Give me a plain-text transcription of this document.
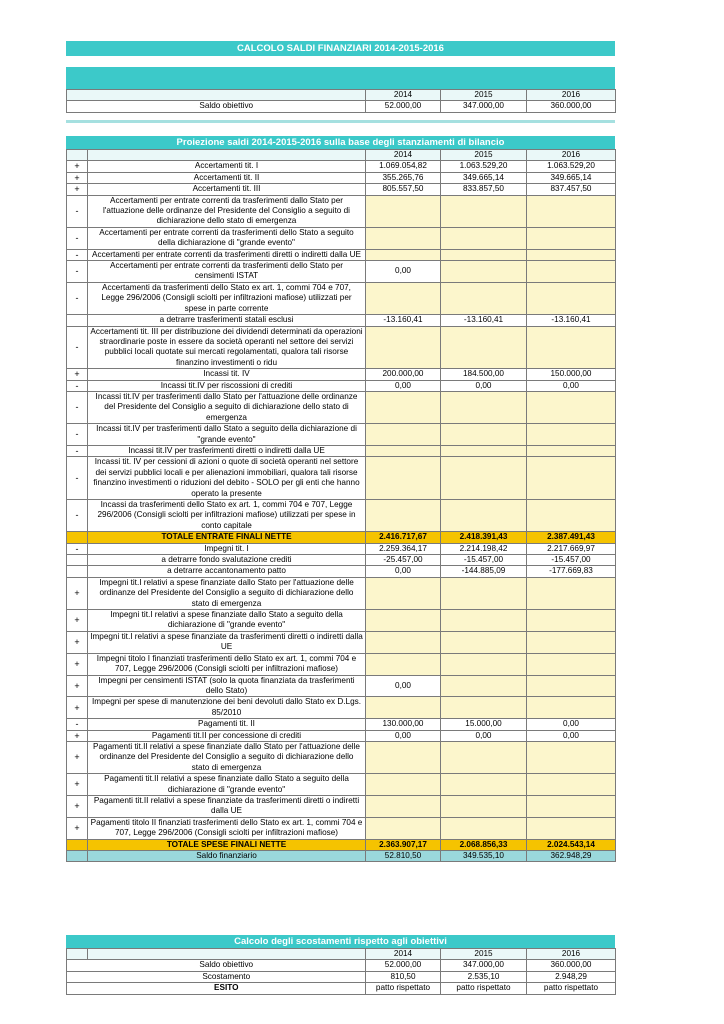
CALCOLO SALDI FINANZIARI 2014-2015-2016
		2014	2015	2016
	Saldo obiettivo	52.000,00	347.000,00	360.000,00
Proiezione saldi 2014-2015-2016 sulla base degli stanziamenti di bilancio
		2014	2015	2016
+	Accertamenti tit. I	1.069.054,82	1.063.529,20	1.063.529,20
+	Accertamenti tit. II	355.265,76	349.665,14	349.665,14
+	Accertamenti tit. III	805.557,50	833.857,50	837.457,50
-	Accertamenti per entrate correnti da trasferimenti dallo Stato per l'attuazione delle ordinanze del Presidente del Consiglio a seguito di dichiarazione dello stato di emergenza			
-	Accertamenti per entrate correnti da trasferimenti dello Stato a seguito della dichiarazione di "grande evento"			
-	Accertamenti per entrate correnti da trasferimenti diretti o indiretti dalla UE			
-	Accertamenti per entrate correnti da trasferimenti dello Stato per censimenti ISTAT	0,00		
-	Accertamenti da trasferimenti dello Stato ex art. 1, commi 704 e 707, Legge 296/2006 (Consigli sciolti per infiltrazioni mafiose) utilizzati per spese in parte corrente			
	a detrarre trasferimenti statali esclusi	-13.160,41	-13.160,41	-13.160,41
-	Accertamenti tit. III per distribuzione dei dividendi determinati da operazioni straordinarie poste in essere da società operanti nel settore dei servizi pubblici locali quotate sui mercati regolamentati, qualora tali risorse finanzino investimenti o ridu			
+	Incassi tit. IV	200.000,00	184.500,00	150.000,00
-	Incassi tit.IV per riscossioni di crediti	0,00	0,00	0,00
-	Incassi tit.IV per trasferimenti dallo Stato per l'attuazione delle ordinanze del Presidente del Consiglio a seguito di dichiarazione dello stato di emergenza			
-	Incassi tit.IV per trasferimenti dallo Stato a seguito della dichiarazione di "grande evento"			
-	Incassi tit.IV per trasferimenti diretti o indiretti dalla UE			
-	Incassi tit. IV per cessioni di azioni o quote di società operanti nel settore dei servizi pubblici locali e per alienazioni immobiliari, qualora tali risorse finanzino investimenti o riduzioni del debito - SOLO per gli enti che hanno operato la presente			
-	Incassi da trasferimenti dello Stato ex art. 1, commi 704 e 707, Legge 296/2006 (Consigli sciolti per infiltrazioni mafiose) utilizzati per spese in conto capitale			
	TOTALE ENTRATE FINALI NETTE	2.416.717,67	2.418.391,43	2.387.491,43
-	Impegni tit. I	2.259.364,17	2.214.198,42	2.217.669,97
	a detrarre fondo svalutazione crediti	-25.457,00	-15.457,00	-15.457,00
	a detrarre accantonamento patto	0,00	-144.885,09	-177.669,83
+	Impegni tit.I relativi a spese finanziate dallo Stato per l'attuazione delle ordinanze del Presidente del Consiglio a seguito di dichiarazione dello stato di emergenza			
+	Impegni tit.I relativi a spese finanziate dallo Stato a seguito della dichiarazione di "grande evento"			
+	Impegni tit.I relativi a spese finanziate da trasferimenti diretti o indiretti dalla UE			
+	Impegni titolo I finanziati trasferimenti dello Stato ex art. 1, commi 704 e 707, Legge 296/2006 (Consigli sciolti per infiltrazioni mafiose)			
+	Impegni per censimenti ISTAT (solo la quota finanziata da trasferimenti dello Stato)	0,00		
+	Impegni per spese di manutenzione dei beni devoluti dallo Stato ex D.Lgs. 85/2010			
-	Pagamenti tit. II	130.000,00	15.000,00	0,00
+	Pagamenti tit.II per concessione di crediti	0,00	0,00	0,00
+	Pagamenti tit.II relativi a spese finanziate dallo Stato per l'attuazione delle ordinanze del Presidente del Consiglio a seguito di dichiarazione dello stato di emergenza			
+	Pagamenti tit.II relativi a spese finanziate dallo Stato a seguito della dichiarazione di "grande evento"			
+	Pagamenti tit.II relativi a spese finanziate da trasferimenti diretti o indiretti dalla UE			
+	Pagamenti titolo II finanziati trasferimenti dello Stato ex art. 1, commi 704 e 707, Legge 296/2006 (Consigli sciolti per infiltrazioni mafiose)			
	TOTALE SPESE FINALI NETTE	2.363.907,17	2.068.856,33	2.024.543,14
	Saldo finanziario	52.810,50	349.535,10	362.948,29
Calcolo degli scostamenti rispetto agli obiettivi
		2014	2015	2016
	Saldo obiettivo	52.000,00	347.000,00	360.000,00
	Scostamento	810,50	2.535,10	2.948,29
	ESITO	patto rispettato	patto rispettato	patto rispettato
